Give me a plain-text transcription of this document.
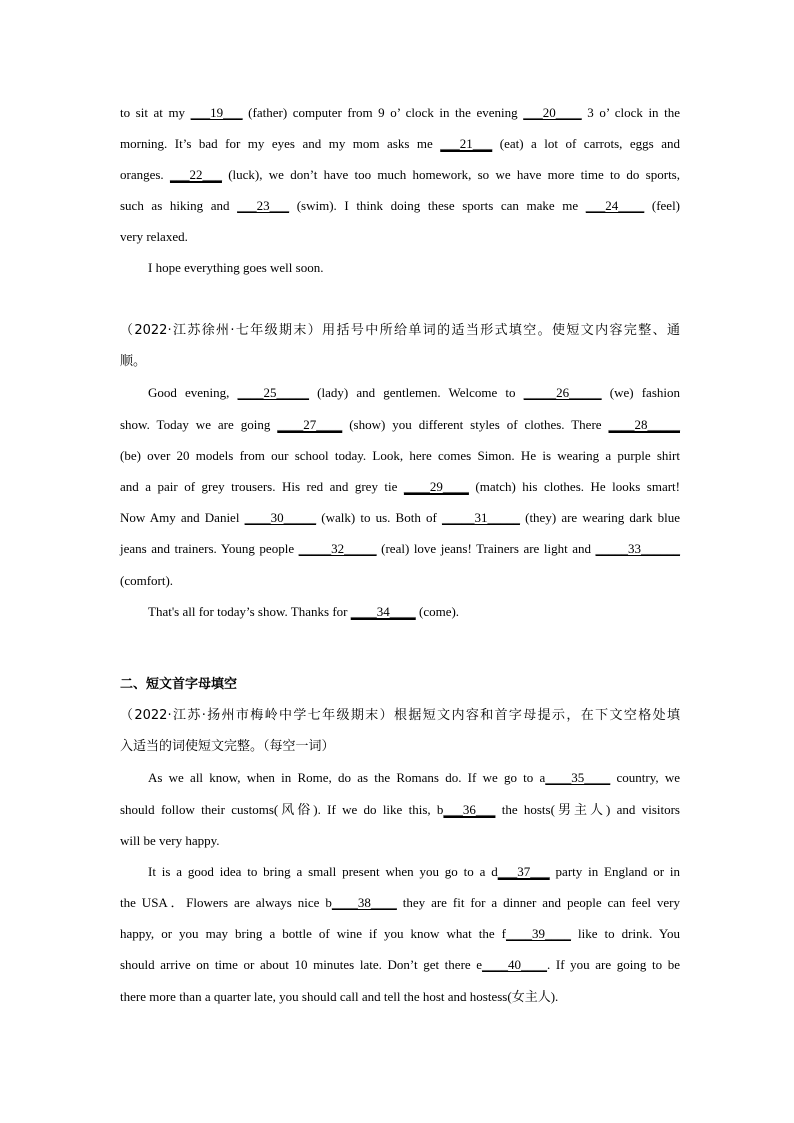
to sit at my ___19___ (father) computer from 9 o’ clock in the evening ___20____ 3 o’ clock in the
morning. It’s bad for my eyes and my mom asks me ___21___ (eat) a lot of carrots, eggs and
oranges. ___22___ (luck), we don’t have too much homework, so we have more time to do sports,
such as hiking and ___23___ (swim). I think doing these sports can make me ___24____ (feel)
very relaxed.
I hope everything goes well soon.
（2022·江苏徐州·七年级期末）用括号中所给单词的适当形式填空。使短文内容完整、通
顺。
Good evening, ____25_____ (lady) and gentlemen. Welcome to _____26_____ (we) fashion
show. Today we are going ____27____ (show) you different styles of clothes. There ____28_____
(be) over 20 models from our school today. Look, here comes Simon. He is wearing a purple shirt
and a pair of grey trousers. His red and grey tie ____29____ (match) his clothes. He looks smart!
Now Amy and Daniel ____30_____ (walk) to us. Both of _____31_____ (they) are wearing dark blue
jeans and trainers. Young people _____32_____ (real) love jeans! Trainers are light and _____33______
(comfort).
That's all for today’s show. Thanks for ____34____ (come).
二、短文首字母填空
（2022·江苏·扬州市梅岭中学七年级期末）根据短文内容和首字母提示，在下文空格处填
入适当的词使短文完整。（每空一词）
As we all know, when in Rome, do as the Romans do. If we go to a____35____ country, we
should follow their customs(风俗). If we do like this, b___36___ the hosts(男主人) and visitors
will be very happy.
It is a good idea to bring a small present when you go to a d___37___ party in England or in
the USA．Flowers are always nice b____38____ they are fit for a dinner and people can feel very
happy, or you may bring a bottle of wine if you know what the f____39____ like to drink. You
should arrive on time or about 10 minutes late. Don’t get there e____40____. If you are going to be
there more than a quarter late, you should call and tell the host and hostess(女主人).
